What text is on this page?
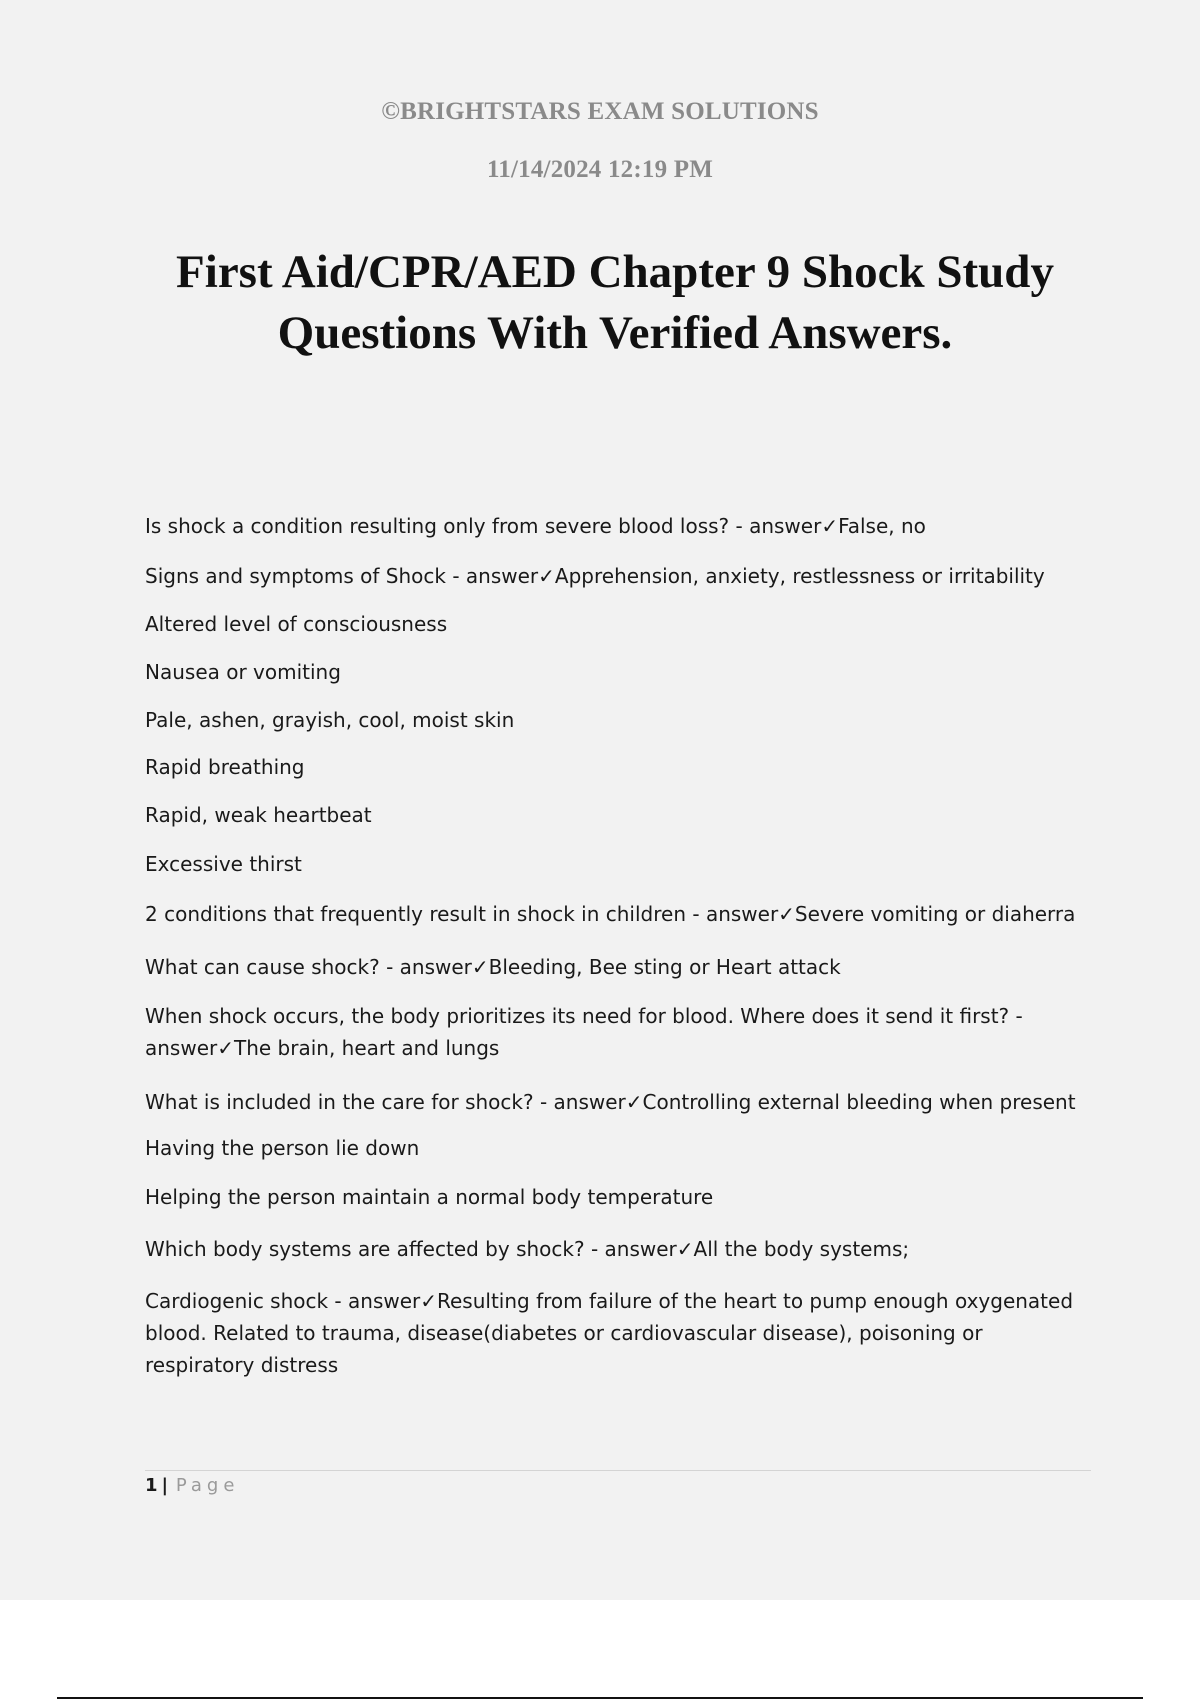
©BRIGHTSTARS EXAM SOLUTIONS
11/14/2024 12:19 PM
First Aid/CPR/AED Chapter 9 Shock Study Questions With Verified Answers.
Is shock a condition resulting only from severe blood loss? - answer✓False, no
Signs and symptoms of Shock - answer✓Apprehension, anxiety, restlessness or irritability
Altered level of consciousness
Nausea or vomiting
Pale, ashen, grayish, cool, moist skin
Rapid breathing
Rapid, weak heartbeat
Excessive thirst
2 conditions that frequently result in shock in children - answer✓Severe vomiting or diaherra
What can cause shock? - answer✓Bleeding, Bee sting or Heart attack
When shock occurs, the body prioritizes its need for blood. Where does it send it first? - answer✓The brain, heart and lungs
What is included in the care for shock? - answer✓Controlling external bleeding when present
Having the person lie down
Helping the person maintain a normal body temperature
Which body systems are affected by shock? - answer✓All the body systems;
Cardiogenic shock - answer✓Resulting from failure of the heart to pump enough oxygenated blood. Related to trauma, disease(diabetes or cardiovascular disease), poisoning or respiratory distress
1 | Page
